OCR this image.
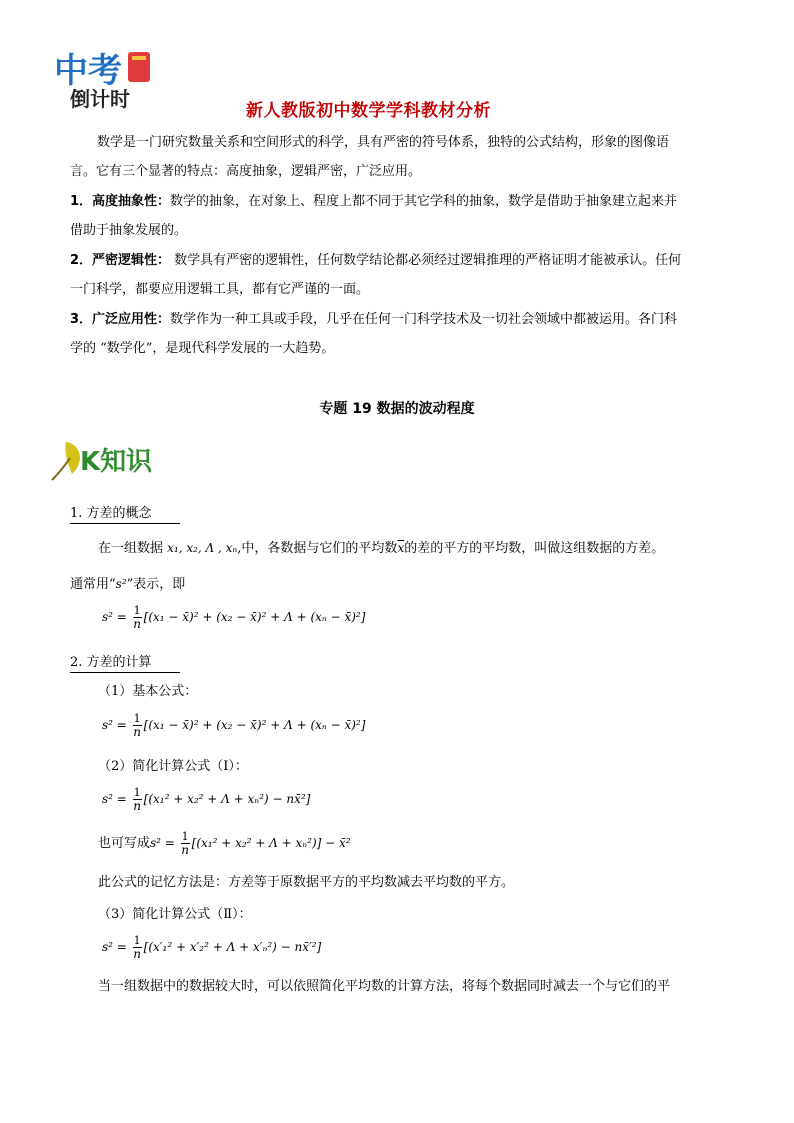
中考
倒计时	新人教版初中数学学科教材分析
数学是一门研究数量关系和空间形式的科学，具有严密的符号体系，独特的公式结构，形象的图像语
言。它有三个显著的特点：高度抽象，逻辑严密，广泛应用。
1．高度抽象性：数学的抽象，在对象上、程度上都不同于其它学科的抽象，数学是借助于抽象建立起来并
借助于抽象发展的。
2．严密逻辑性： 数学具有严密的逻辑性，任何数学结论都必须经过逻辑推理的严格证明才能被承认。任何
一门科学，都要应用逻辑工具，都有它严谨的一面。
3．广泛应用性：数学作为一种工具或手段，几乎在任何一门科学技术及一切社会领域中都被运用。各门科
学的 “数学化”，是现代科学发展的一大趋势。
专题 19 数据的波动程度
K知识
1. 方差的概念
在一组数据 x₁, x₂, Λ , xₙ,中，各数据与它们的平均数$\overline{x}$的差的平方的平均数，叫做这组数据的方差。
通常用“s²”表示，即
$s^2 = \frac{1}{n} [(x_1$ − x̄)² + (x₂ − x̄)² + Λ + (xₙ − x̄)²]
2. 方差的计算
（1）基本公式：
$s^2 = \frac{1}{n} [(x_1$ − x̄)² + (x₂ − x̄)² + Λ + (xₙ − x̄)²]
（2）简化计算公式（Ⅰ）：
$s^2 = \frac{1}{n} [(x_1^2 + x_2^2 + \Lambda + x_n^2)$ − nx̄²]
也可写成$s^2 = \frac{1}{n} [(x_1^2 + x_2^2 + \Lambda + x_n^2)]$ − x̄²
此公式的记忆方法是：方差等于原数据平方的平均数减去平均数的平方。
（3）简化计算公式（Ⅱ）：
$s^2 = \frac{1}{n} [(x'_1^2 + x'_2^2 + \Lambda + x'_n^2)$ − nx̄′²]
当一组数据中的数据较大时，可以依照简化平均数的计算方法，将每个数据同时减去一个与它们的平
